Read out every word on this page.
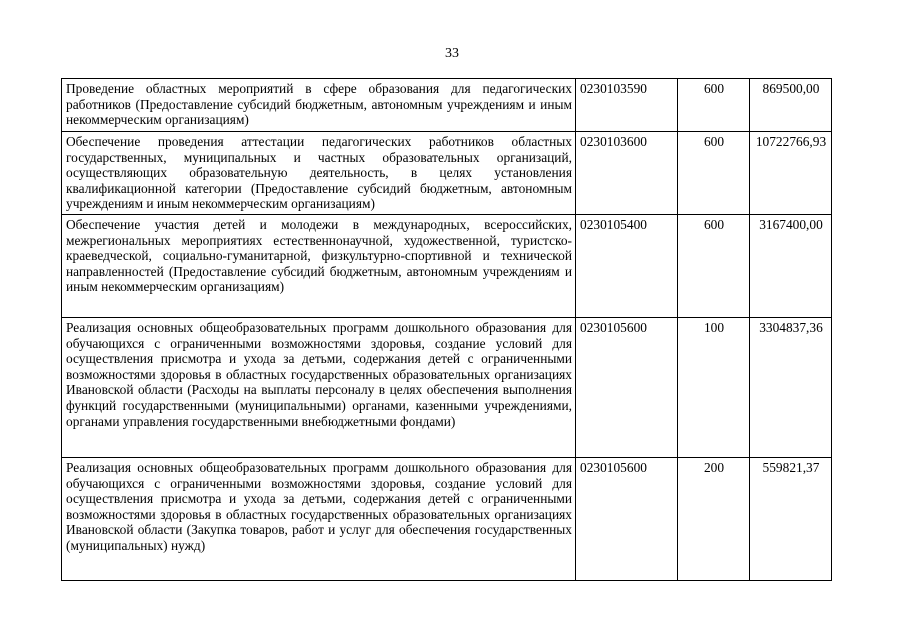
33
Проведение областных мероприятий в сфере образования для педагогических работников (Предоставление субсидий бюджетным, автономным учреждениям и иным некоммерческим организациям)	0230103590	600	869500,00
Обеспечение проведения аттестации педагогических работников областных государственных, муниципальных и частных образовательных организаций, осуществляющих образовательную деятельность, в целях установления квалификационной категории (Предоставление субсидий бюджетным, автономным учреждениям и иным некоммерческим организациям)	0230103600	600	10722766,93
Обеспечение участия детей и молодежи в международных, всероссийских, межрегиональных мероприятиях естественнонаучной, художественной, туристско-краеведческой, социально-гуманитарной, физкультурно-спортивной и технической направленностей (Предоставление субсидий бюджетным, автономным учреждениям и иным некоммерческим организациям)	0230105400	600	3167400,00
Реализация основных общеобразовательных программ дошкольного образования для обучающихся с ограниченными возможностями здоровья, создание условий для осуществления присмотра и ухода за детьми, содержания детей с ограниченными возможностями здоровья в областных государственных образовательных организациях Ивановской области (Расходы на выплаты персоналу в целях обеспечения выполнения функций государственными (муниципальными) органами, казенными учреждениями, органами управления государственными внебюджетными фондами)	0230105600	100	3304837,36
Реализация основных общеобразовательных программ дошкольного образования для обучающихся с ограниченными возможностями здоровья, создание условий для осуществления присмотра и ухода за детьми, содержания детей с ограниченными возможностями здоровья в областных государственных образовательных организациях Ивановской области (Закупка товаров, работ и услуг для обеспечения государственных (муниципальных) нужд)	0230105600	200	559821,37
